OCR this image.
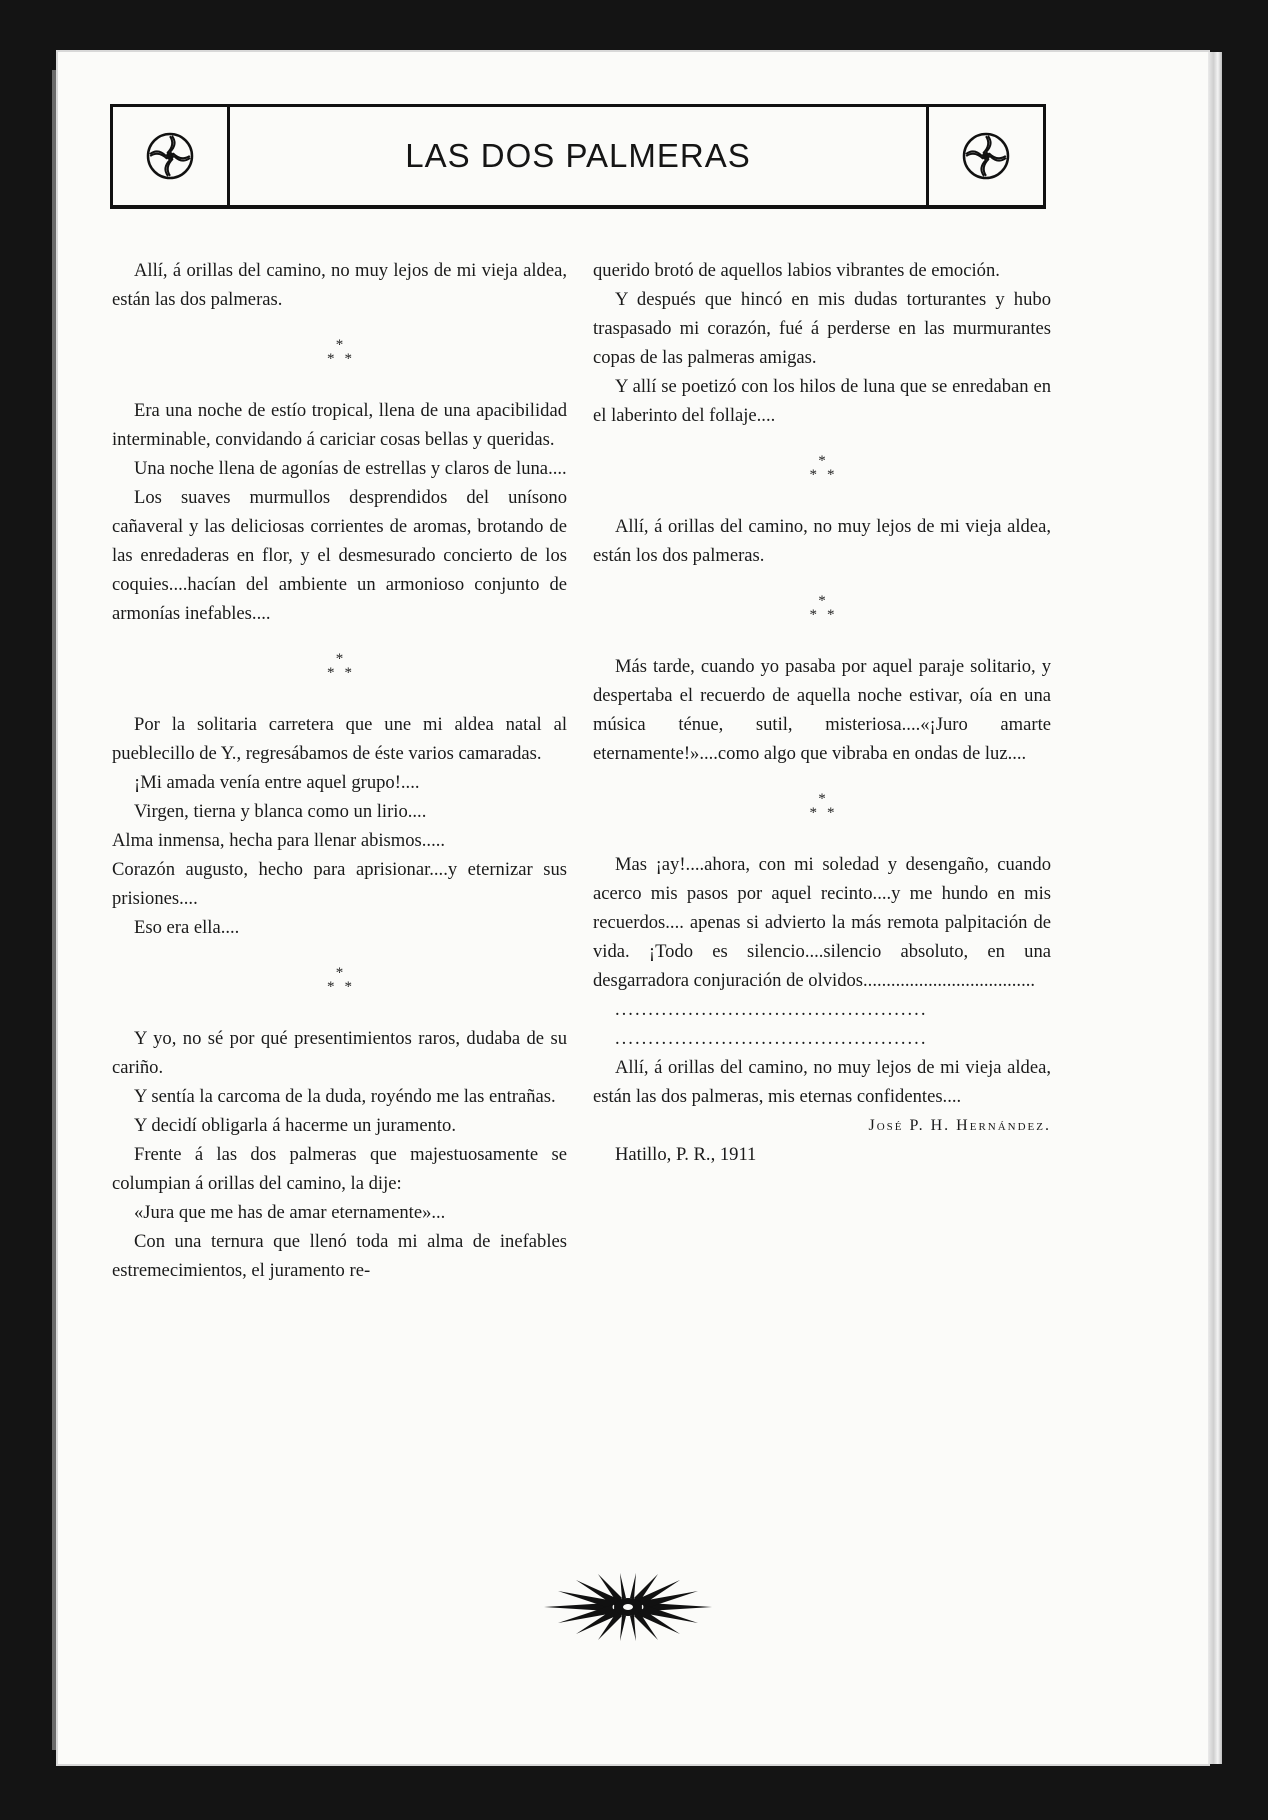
LAS DOS PALMERAS

Allí, á orillas del camino, no muy lejos de mi vieja aldea, están las dos palmeras.

*
**

Era una noche de estío tropical, llena de una apacibilidad interminable, convidando á cariciar cosas bellas y queridas.

Una noche llena de agonías de estrellas y claros de luna....

Los suaves murmullos desprendidos del unísono cañaveral y las deliciosas corrientes de aromas, brotando de las enredaderas en flor, y el desmesurado concierto de los coquies....hacían del ambiente un armonioso conjunto de armonías inefables....

*
**

Por la solitaria carretera que une mi aldea natal al pueblecillo de Y., regresábamos de éste varios camaradas.

¡Mi amada venía entre aquel grupo!....

Virgen, tierna y blanca como un lirio....

Alma inmensa, hecha para llenar abismos.....

Corazón augusto, hecho para aprisionar....y eternizar sus prisiones....

Eso era ella....

*
**

Y yo, no sé por qué presentimientos raros, dudaba de su cariño.

Y sentía la carcoma de la duda, royéndo me las entrañas.

Y decidí obligarla á hacerme un juramento.

Frente á las dos palmeras que majestuosamente se columpian á orillas del camino, la dije:

«Jura que me has de amar eternamente»...

Con una ternura que llenó toda mi alma de inefables estremecimientos, el juramento re-

querido brotó de aquellos labios vibrantes de emoción.

Y después que hincó en mis dudas torturantes y hubo traspasado mi corazón, fué á perderse en las murmurantes copas de las palmeras amigas.

Y allí se poetizó con los hilos de luna que se enredaban en el laberinto del follaje....

*
**

Allí, á orillas del camino, no muy lejos de mi vieja aldea, están los dos palmeras.

*
**

Más tarde, cuando yo pasaba por aquel paraje solitario, y despertaba el recuerdo de aquella noche estivar, oía en una música ténue, sutil, misteriosa....«¡Juro amarte eternamente!»....como algo que vibraba en ondas de luz....

*
**

Mas ¡ay!....ahora, con mi soledad y desengaño, cuando acerco mis pasos por aquel recinto....y me hundo en mis recuerdos.... apenas si advierto la más remota palpitación de vida. ¡Todo es silencio....silencio absoluto, en una desgarradora conjuración de olvidos.....................................

...............................................

...............................................

Allí, á orillas del camino, no muy lejos de mi vieja aldea, están las dos palmeras, mis eternas confidentes....

José P. H. Hernández.

Hatillo, P. R., 1911
